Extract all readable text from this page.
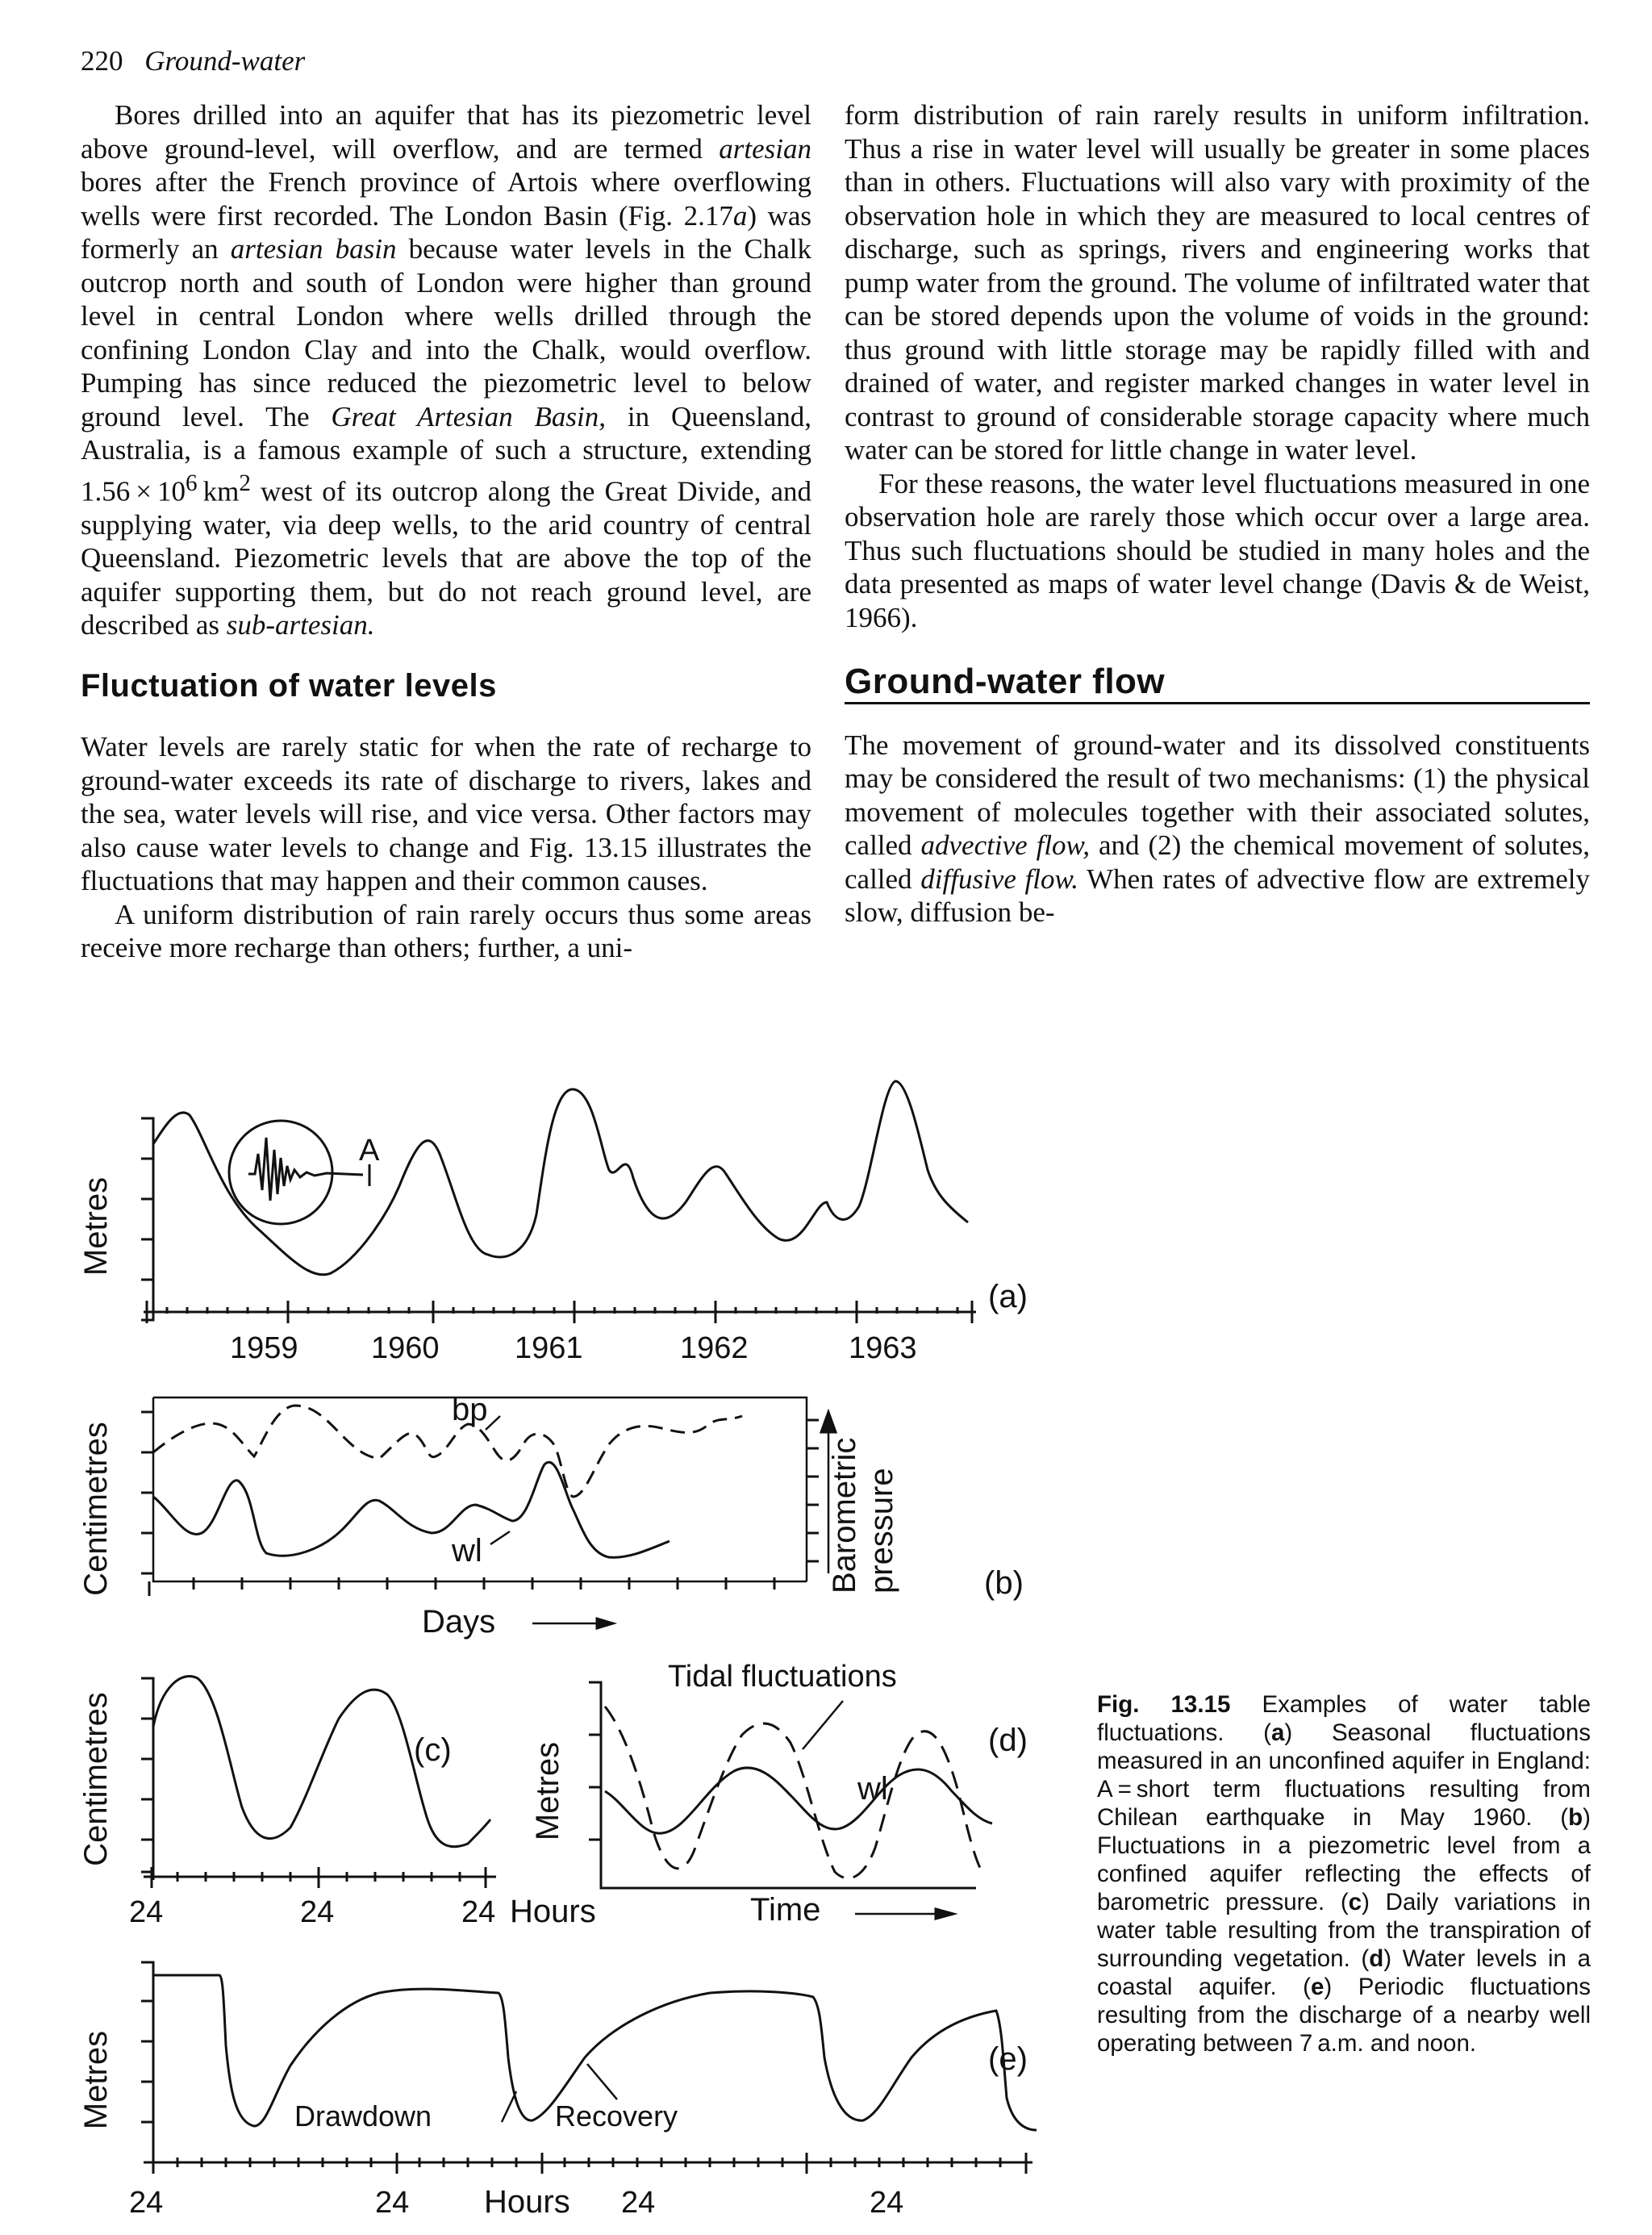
220 Ground-water

Bores drilled into an aquifer that has its piezometric level above ground-level, will overflow, and are termed artesian bores after the French province of Artois where overflowing wells were first recorded. The London Basin (Fig. 2.17a) was formerly an artesian basin because water levels in the Chalk outcrop north and south of London were higher than ground level in central London where wells drilled through the confining London Clay and into the Chalk, would overflow. Pumping has since reduced the piezometric level to below ground level. The Great Artesian Basin, in Queensland, Australia, is a famous example of such a structure, extending $1.56 \times 10^6$ $km^2$ west of its outcrop along the Great Divide, and supplying water, via deep wells, to the arid country of central Queensland. Piezometric levels that are above the top of the aquifer supporting them, but do not reach ground level, are described as sub-artesian.

Fluctuation of water levels

Water levels are rarely static for when the rate of recharge to ground-water exceeds its rate of discharge to rivers, lakes and the sea, water levels will rise, and vice versa. Other factors may also cause water levels to change and Fig. 13.15 illustrates the fluctuations that may happen and their common causes.

A uniform distribution of rain rarely occurs thus some areas receive more recharge than others; further, a uni-

form distribution of rain rarely results in uniform infiltration. Thus a rise in water level will usually be greater in some places than in others. Fluctuations will also vary with proximity of the observation hole in which they are measured to local centres of discharge, such as springs, rivers and engineering works that pump water from the ground. The volume of infiltrated water that can be stored depends upon the volume of voids in the ground: thus ground with little storage may be rapidly filled with and drained of water, and register marked changes in water level in contrast to ground of considerable storage capacity where much water can be stored for little change in water level.

For these reasons, the water level fluctuations measured in one observation hole are rarely those which occur over a large area. Thus such fluctuations should be studied in many holes and the data presented as maps of water level change (Davis & de Weist, 1966).

Ground-water flow

The movement of ground-water and its dissolved constituents may be considered the result of two mechanisms: (1) the physical movement of molecules together with their associated solutes, called advective flow, and (2) the chemical movement of solutes, called diffusive flow. When rates of advective flow are extremely slow, diffusion be-

Metres
1959 1960 1961	1962	1963
A
(a)
Centimetres
bp
wl	Barometric pressure
Days
(b)
Centimetres	(c)
24	24	24 Hours
Metres
Tidal fluctuations
wl
(d)
Time
Metres	Drawdown	Recovery
(e)
24	24 Hours 24	24
Fig. 13.15 Examples of water table fluctuations. (a) Seasonal fluctuations measured in an unconfined aquifer in England: A = short term fluctuations resulting from Chilean earthquake in May 1960. (b) Fluctuations in a piezometric level from a confined aquifer reflecting the effects of barometric pressure. (c) Daily variations in water table resulting from the transpiration of surrounding vegetation. (d) Water levels in a coastal aquifer. (e) Periodic fluctuations resulting from the discharge of a nearby well operating between 7 a.m. and noon.
